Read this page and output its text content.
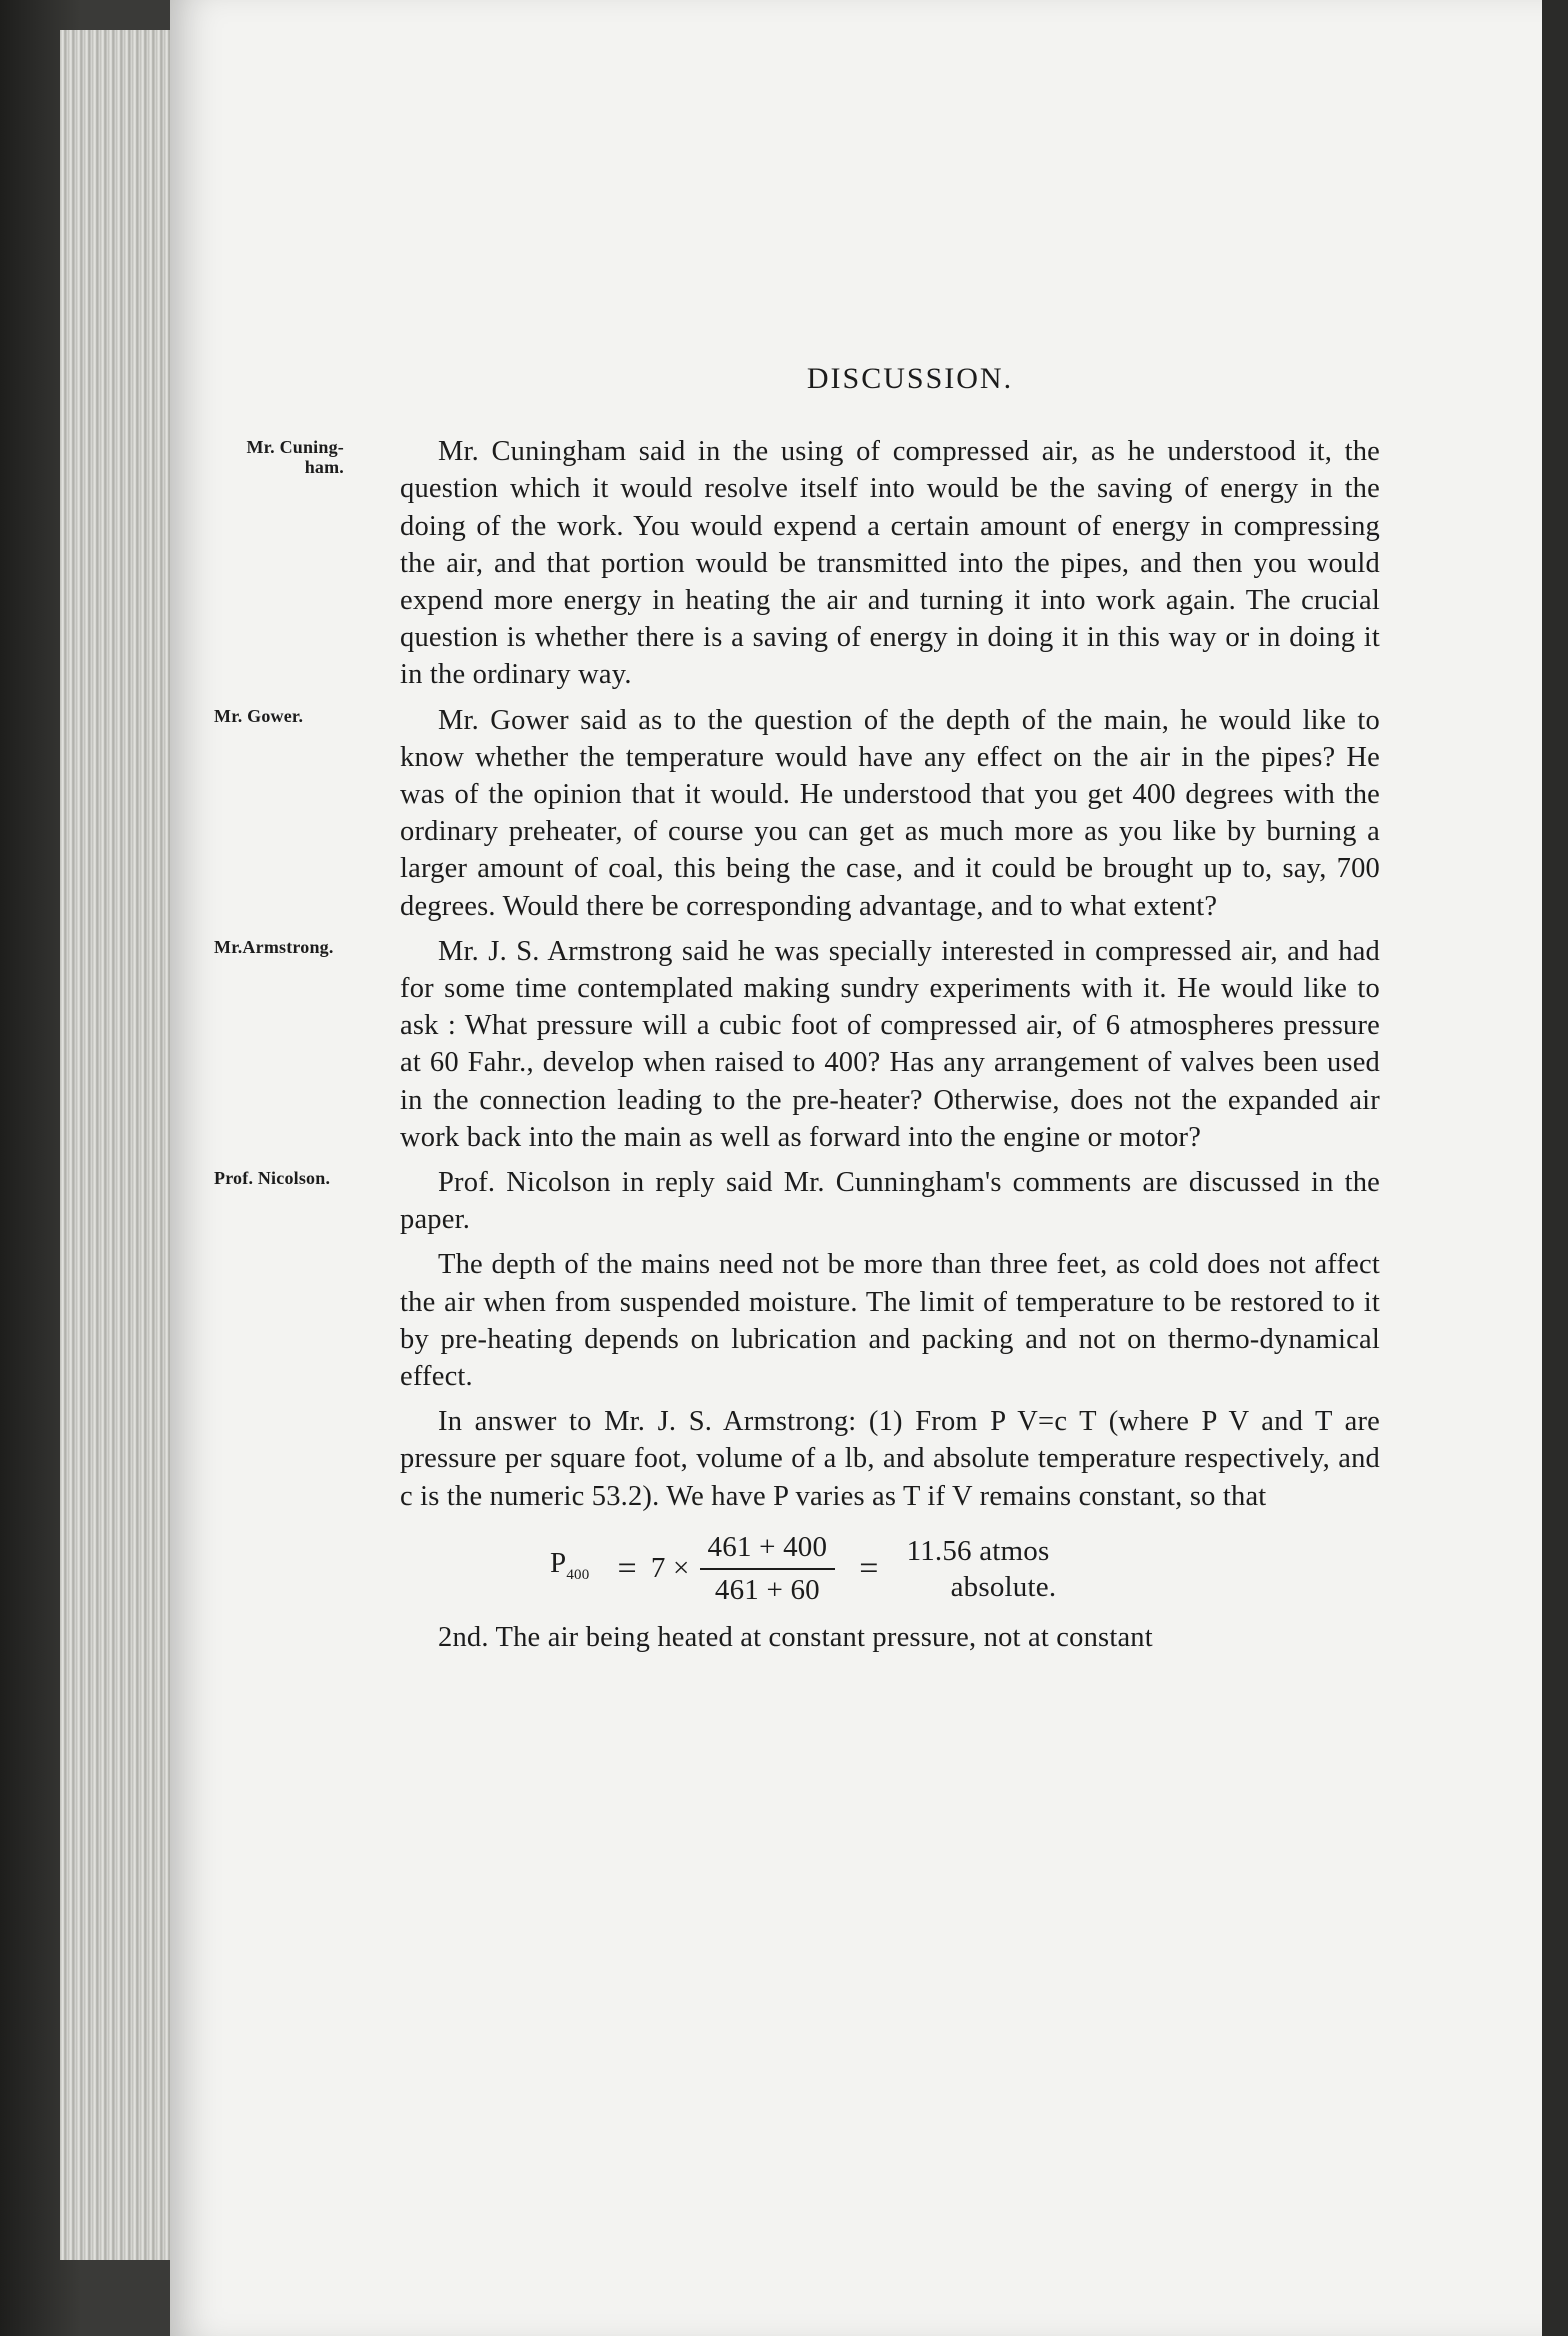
DISCUSSION.
Mr. Cuning-
ham.	Mr. Cuningham said in the using of compressed air, as he understood it, the question which it would resolve itself into would be the saving of energy in the doing of the work. You would expend a certain amount of energy in compressing the air, and that portion would be transmitted into the pipes, and then you would expend more energy in heating the air and turning it into work again. The crucial question is whether there is a saving of energy in doing it in this way or in doing it in the ordinary way.
Mr. Gower.	Mr. Gower said as to the question of the depth of the main, he would like to know whether the temperature would have any effect on the air in the pipes? He was of the opinion that it would. He understood that you get 400 degrees with the ordinary preheater, of course you can get as much more as you like by burning a larger amount of coal, this being the case, and it could be brought up to, say, 700 degrees. Would there be corresponding advantage, and to what extent?
Mr.Armstrong.	Mr. J. S. Armstrong said he was specially interested in compressed air, and had for some time contemplated making sundry experiments with it. He would like to ask : What pressure will a cubic foot of compressed air, of 6 atmospheres pressure at 60 Fahr., develop when raised to 400? Has any arrangement of valves been used in the connection leading to the pre-heater? Otherwise, does not the expanded air work back into the main as well as forward into the engine or motor?
Prof. Nicolson.	Prof. Nicolson in reply said Mr. Cunningham's comments are discussed in the paper.
The depth of the mains need not be more than three feet, as cold does not affect the air when from suspended moisture. The limit of temperature to be restored to it by pre-heating depends on lubrication and packing and not on thermo-dynamical effect.
In answer to Mr. J. S. Armstrong: (1) From P V=c T (where P V and T are pressure per square foot, volume of a lb, and absolute temperature respectively, and c is the numeric 53.2). We have P varies as T if V remains constant, so that
$P_{400} = 7 \times \frac{461 + 400}{461 + 60} = 11.56$ atmos
absolute.
2nd. The air being heated at constant pressure, not at constant
